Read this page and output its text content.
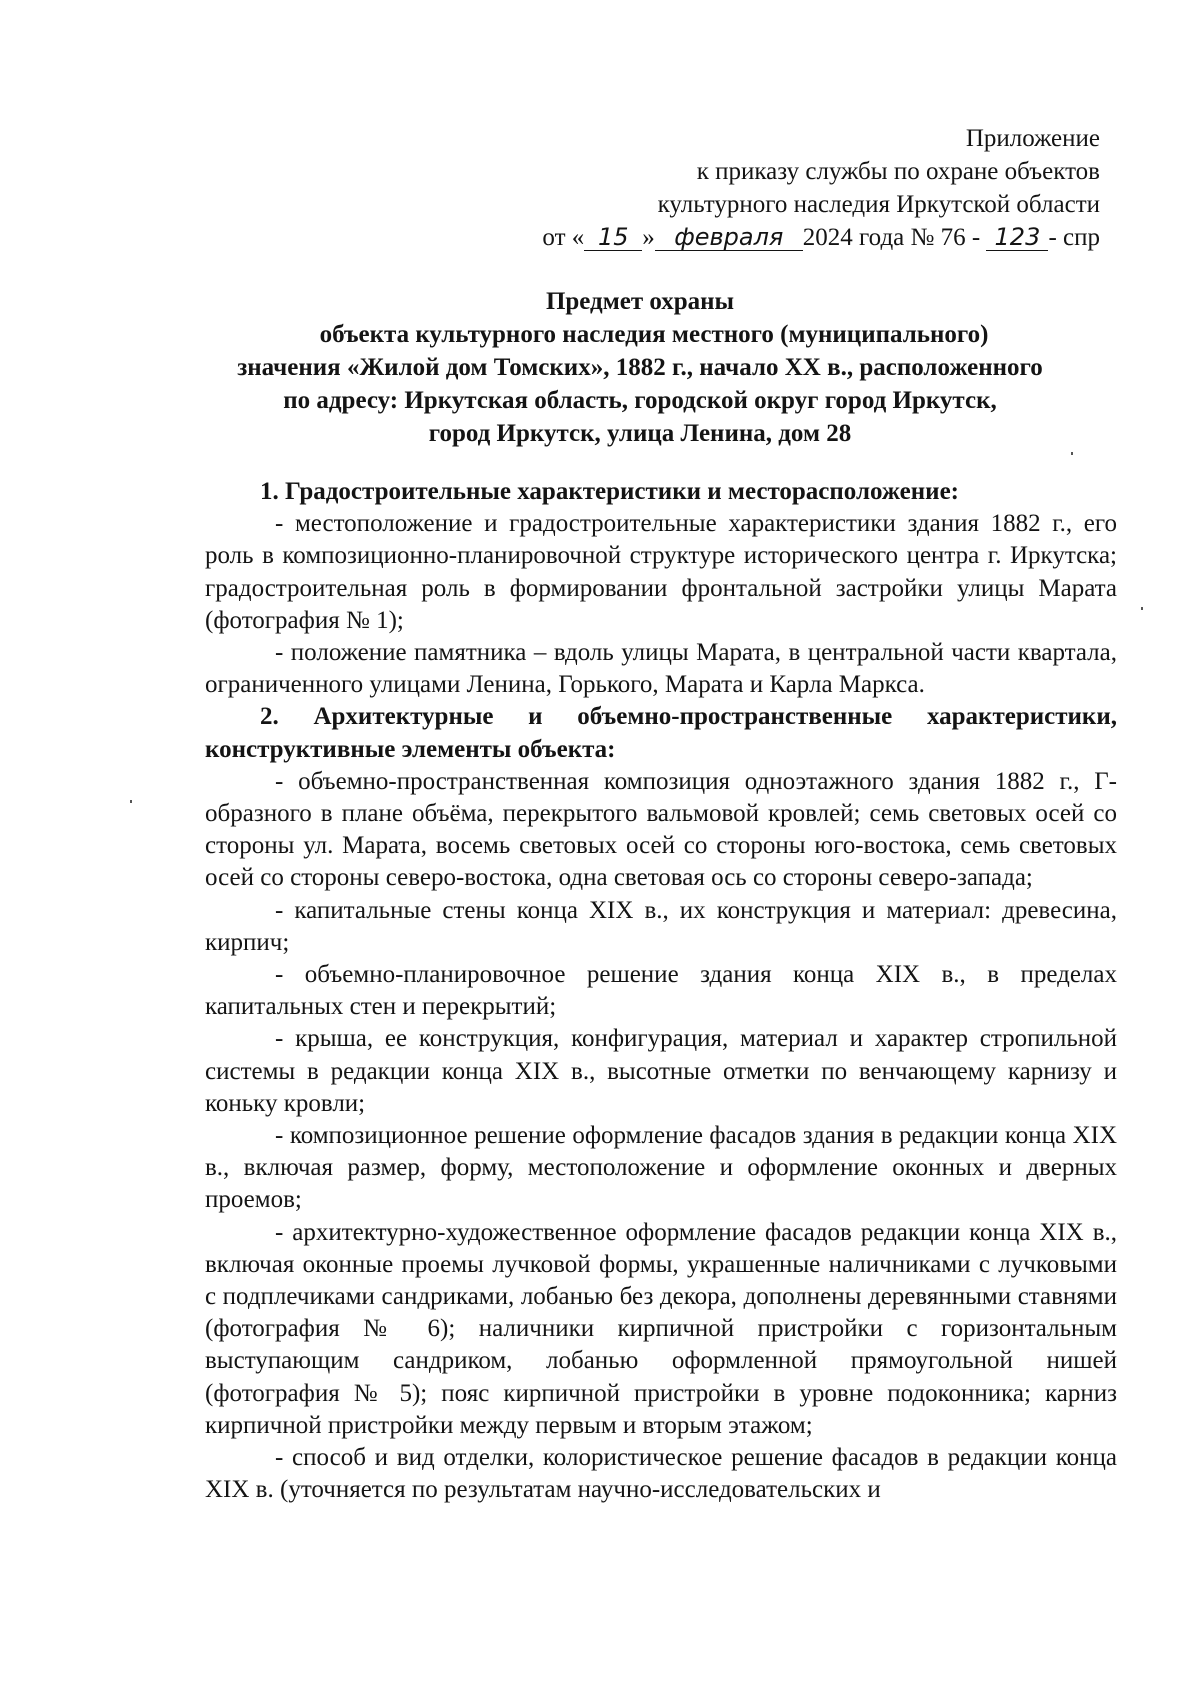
Приложение
к приказу службы по охране объектов
культурного наследия Иркутской области
от « 15 » февраля 2024 года № 76 - 123 - спр
Предмет охраны
объекта культурного наследия местного (муниципального)
значения «Жилой дом Томских», 1882 г., начало XX в., расположенного
по адресу: Иркутская область, городской округ город Иркутск,
город Иркутск, улица Ленина, дом 28

1. Градостроительные характеристики и месторасположение:

- местоположение и градостроительные характеристики здания 1882 г., его роль в композиционно-планировочной структуре исторического центра г. Иркутска; градостроительная роль в формировании фронтальной застройки улицы Марата (фотография № 1);

- положение памятника – вдоль улицы Марата, в центральной части квартала, ограниченного улицами Ленина, Горького, Марата и Карла Маркса.

2. Архитектурные и объемно-пространственные характеристики, конструктивные элементы объекта:

- объемно-пространственная композиция одноэтажного здания 1882 г., Г-образного в плане объёма, перекрытого вальмовой кровлей; семь световых осей со стороны ул. Марата, восемь световых осей со стороны юго-востока, семь световых осей со стороны северо-востока, одна световая ось со стороны северо-запада;

- капитальные стены конца XIX в., их конструкция и материал: древесина, кирпич;

- объемно-планировочное решение здания конца XIX в., в пределах капитальных стен и перекрытий;

- крыша, ее конструкция, конфигурация, материал и характер стропильной системы в редакции конца XIX в., высотные отметки по венчающему карнизу и коньку кровли;

- композиционное решение оформление фасадов здания в редакции конца XIX в., включая размер, форму, местоположение и оформление оконных и дверных проемов;

- архитектурно-художественное оформление фасадов редакции конца XIX в., включая оконные проемы лучковой формы, украшенные наличниками с лучковыми с подплечиками сандриками, лобанью без декора, дополнены деревянными ставнями (фотография № 6); наличники кирпичной пристройки с горизонтальным выступающим сандриком, лобанью оформленной прямоугольной нишей (фотография № 5); пояс кирпичной пристройки в уровне подоконника; карниз кирпичной пристройки между первым и вторым этажом;

- способ и вид отделки, колористическое решение фасадов в редакции конца XIX в. (уточняется по результатам научно-исследовательских и
